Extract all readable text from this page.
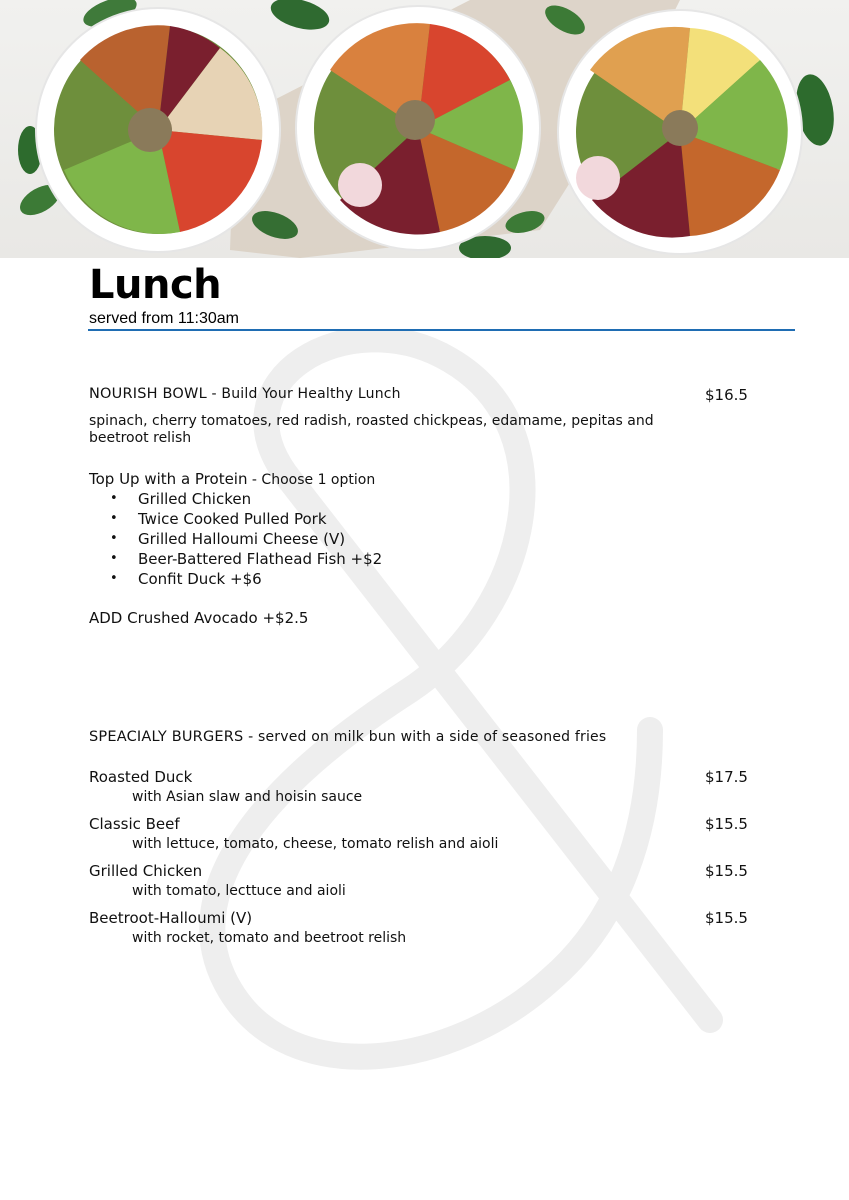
Lunch
served from 11:30am
NOURISH BOWL - Build Your Healthy Lunch	$16.5
spinach, cherry tomatoes, red radish, roasted chickpeas, edamame, pepitas and beetroot relish
Top Up with a Protein - Choose 1 option
• Grilled Chicken
• Twice Cooked Pulled Pork
• Grilled Halloumi Cheese (V)
• Beer-Battered Flathead Fish +$2
• Confit Duck +$6
ADD Crushed Avocado +$2.5
SPEACIALY BURGERS - served on milk bun with a side of seasoned fries
Roasted Duck
with Asian slaw and hoisin sauce
$17.5
Classic Beef
with lettuce, tomato, cheese, tomato relish and aioli
$15.5
Grilled Chicken
with tomato, lecttuce and aioli
$15.5
Beetroot-Halloumi (V)
with rocket, tomato and beetroot relish
$15.5
